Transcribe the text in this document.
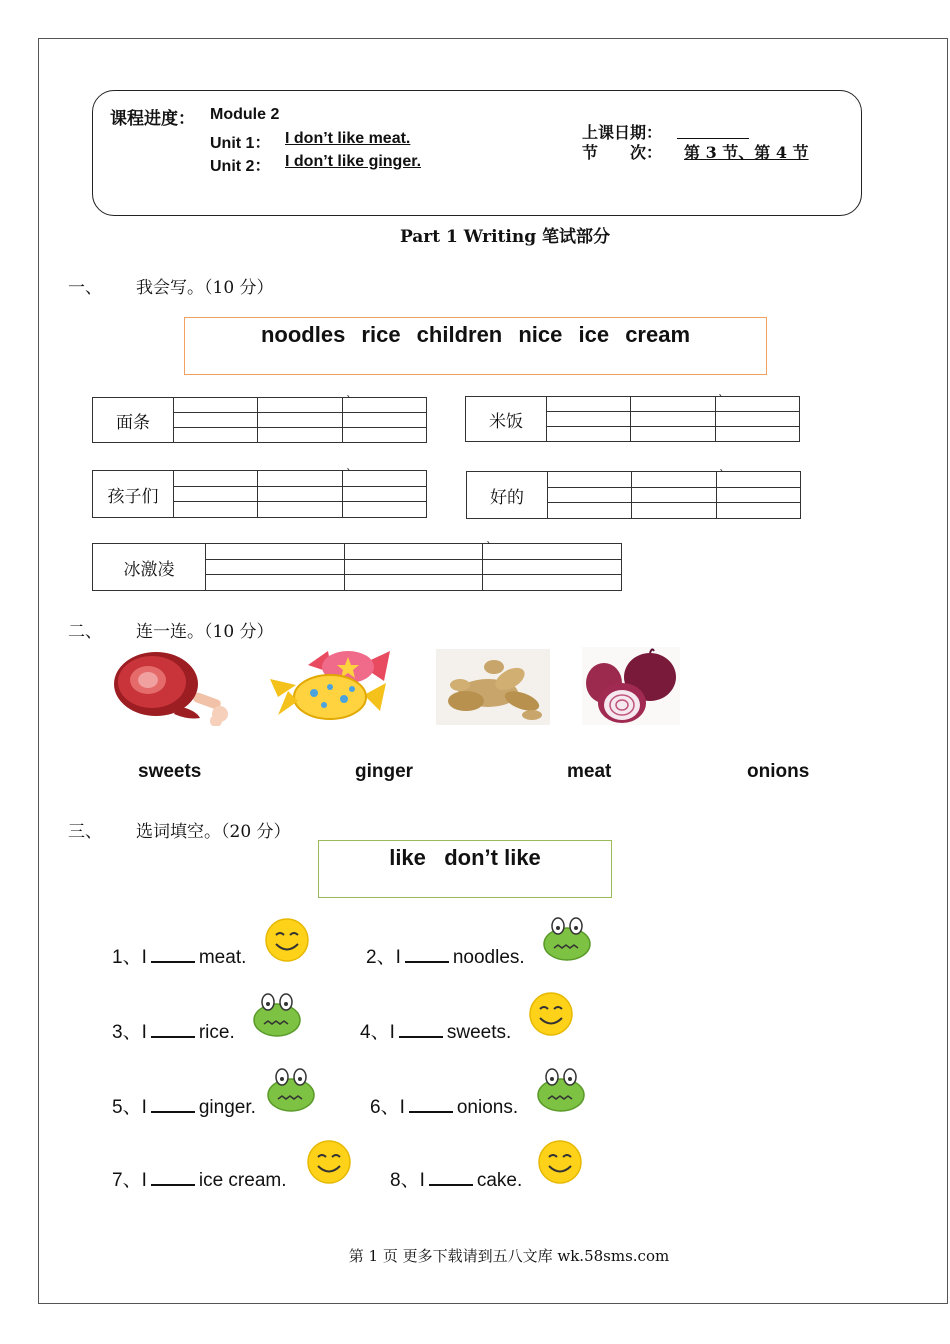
课程进度： Module 2
Unit 1： I don’t like meat.
Unit 2： I don’t like ginger.
上课日期：
节　　次： 第 3 节、第 4 节
Part 1 Writing 笔试部分
一、 我会写。（10 分）
noodles rice children nice ice cream
面条			

`
米饭			

`
孩子们			

`
好的			

`
冰激凌			

`
二、 连一连。（10 分）
sweets	ginger	meat	onions
三、 选词填空。（20 分）
like   don’t like
1、I	meat.	2、I	noodles.
3、I	rice.	4、I	sweets.
5、I	ginger.	6、I	onions.
7、I	ice cream.	8、I	cake.
第 1 页 更多下载请到五八文库 wk.58sms.com
